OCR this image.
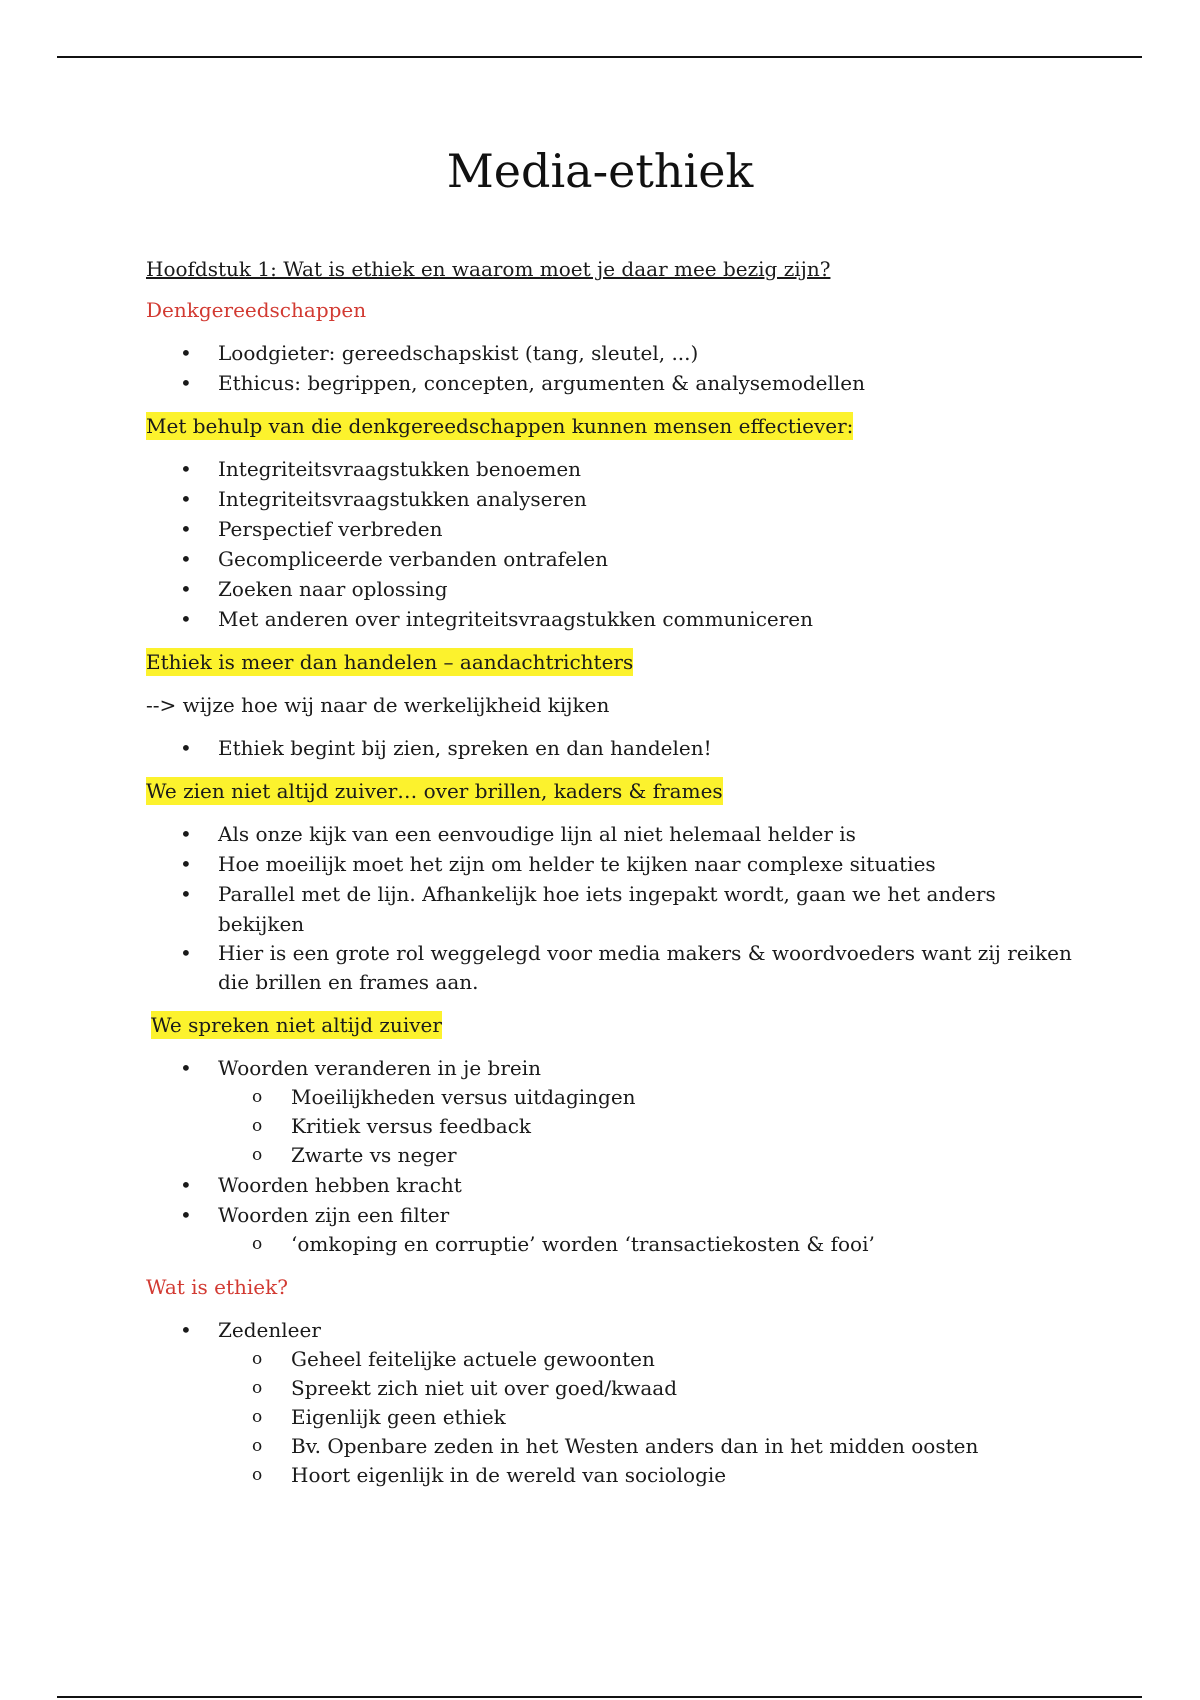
Media-ethiek
Hoofdstuk 1: Wat is ethiek en waarom moet je daar mee bezig zijn?
Denkgereedschappen
• Loodgieter: gereedschapskist (tang, sleutel, ...)
• Ethicus: begrippen, concepten, argumenten & analysemodellen
Met behulp van die denkgereedschappen kunnen mensen effectiever:
• Integriteitsvraagstukken benoemen
• Integriteitsvraagstukken analyseren
• Perspectief verbreden
• Gecompliceerde verbanden ontrafelen
• Zoeken naar oplossing
• Met anderen over integriteitsvraagstukken communiceren
Ethiek is meer dan handelen – aandachtrichters
--> wijze hoe wij naar de werkelijkheid kijken
• Ethiek begint bij zien, spreken en dan handelen!
We zien niet altijd zuiver… over brillen, kaders & frames
• Als onze kijk van een eenvoudige lijn al niet helemaal helder is
• Hoe moeilijk moet het zijn om helder te kijken naar complexe situaties
• Parallel met de lijn. Afhankelijk hoe iets ingepakt wordt, gaan we het anders bekijken
• Hier is een grote rol weggelegd voor media makers & woordvoeders want zij reiken die brillen en frames aan.
We spreken niet altijd zuiver
• Woorden veranderen in je brein
o Moeilijkheden versus uitdagingen
o Kritiek versus feedback
o Zwarte vs neger
• Woorden hebben kracht
• Woorden zijn een filter
o ‘omkoping en corruptie’ worden ‘transactiekosten & fooi’
Wat is ethiek?
• Zedenleer
o Geheel feitelijke actuele gewoonten
o Spreekt zich niet uit over goed/kwaad
o Eigenlijk geen ethiek
o Bv. Openbare zeden in het Westen anders dan in het midden oosten
o Hoort eigenlijk in de wereld van sociologie
